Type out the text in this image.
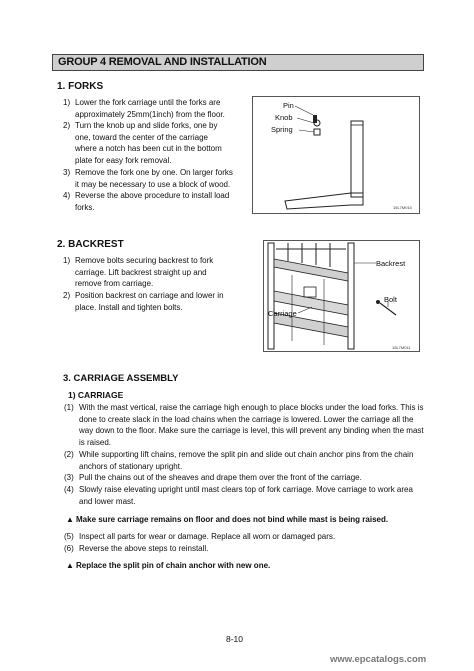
GROUP 4 REMOVAL AND INSTALLATION
1. FORKS
1) Lower the fork carriage until the forks are
approximately 25mm(1inch) from the floor.
2) Turn the knob up and slide forks, one by
one, toward the center of the carriage
where a notch has been cut in the bottom
plate for easy fork removal.
3) Remove the fork one by one. On larger forks
it may be necessary to use a block of wood.
4) Reverse the above procedure to install load
forks.
Pin
Knob
Spring
15L7M010
2. BACKREST
1) Remove bolts securing backrest to fork
carriage. Lift backrest straight up and
remove from carriage.
2) Position backrest on carriage and lower in
place. Install and tighten bolts.
Backrest
Bolt
Carriage
15L7M011
3. CARRIAGE ASSEMBLY
1) CARRIAGE
(1) With the mast vertical, raise the carriage high enough to place blocks under the load forks. This is
done to create slack in the load chains when the carriage is lowered. Lower the carriage all the
way down to the floor. Make sure the carriage is level, this will prevent any binding when the mast
is raised.
(2) While supporting lift chains, remove the split pin and slide out chain anchor pins from the chain
anchors of stationary upright.
(3) Pull the chains out of the sheaves and drape them over the front of the carriage.
(4) Slowly raise elevating upright until mast clears top of fork carriage. Move carriage to work area
and lower mast.
▲ Make sure carriage remains on floor and does not bind while mast is being raised.
(5) Inspect all parts for wear or damage. Replace all worn or damaged pars.
(6) Reverse the above steps to reinstall.
▲ Replace the split pin of chain anchor with new one.
8-10
www.epcatalogs.com
